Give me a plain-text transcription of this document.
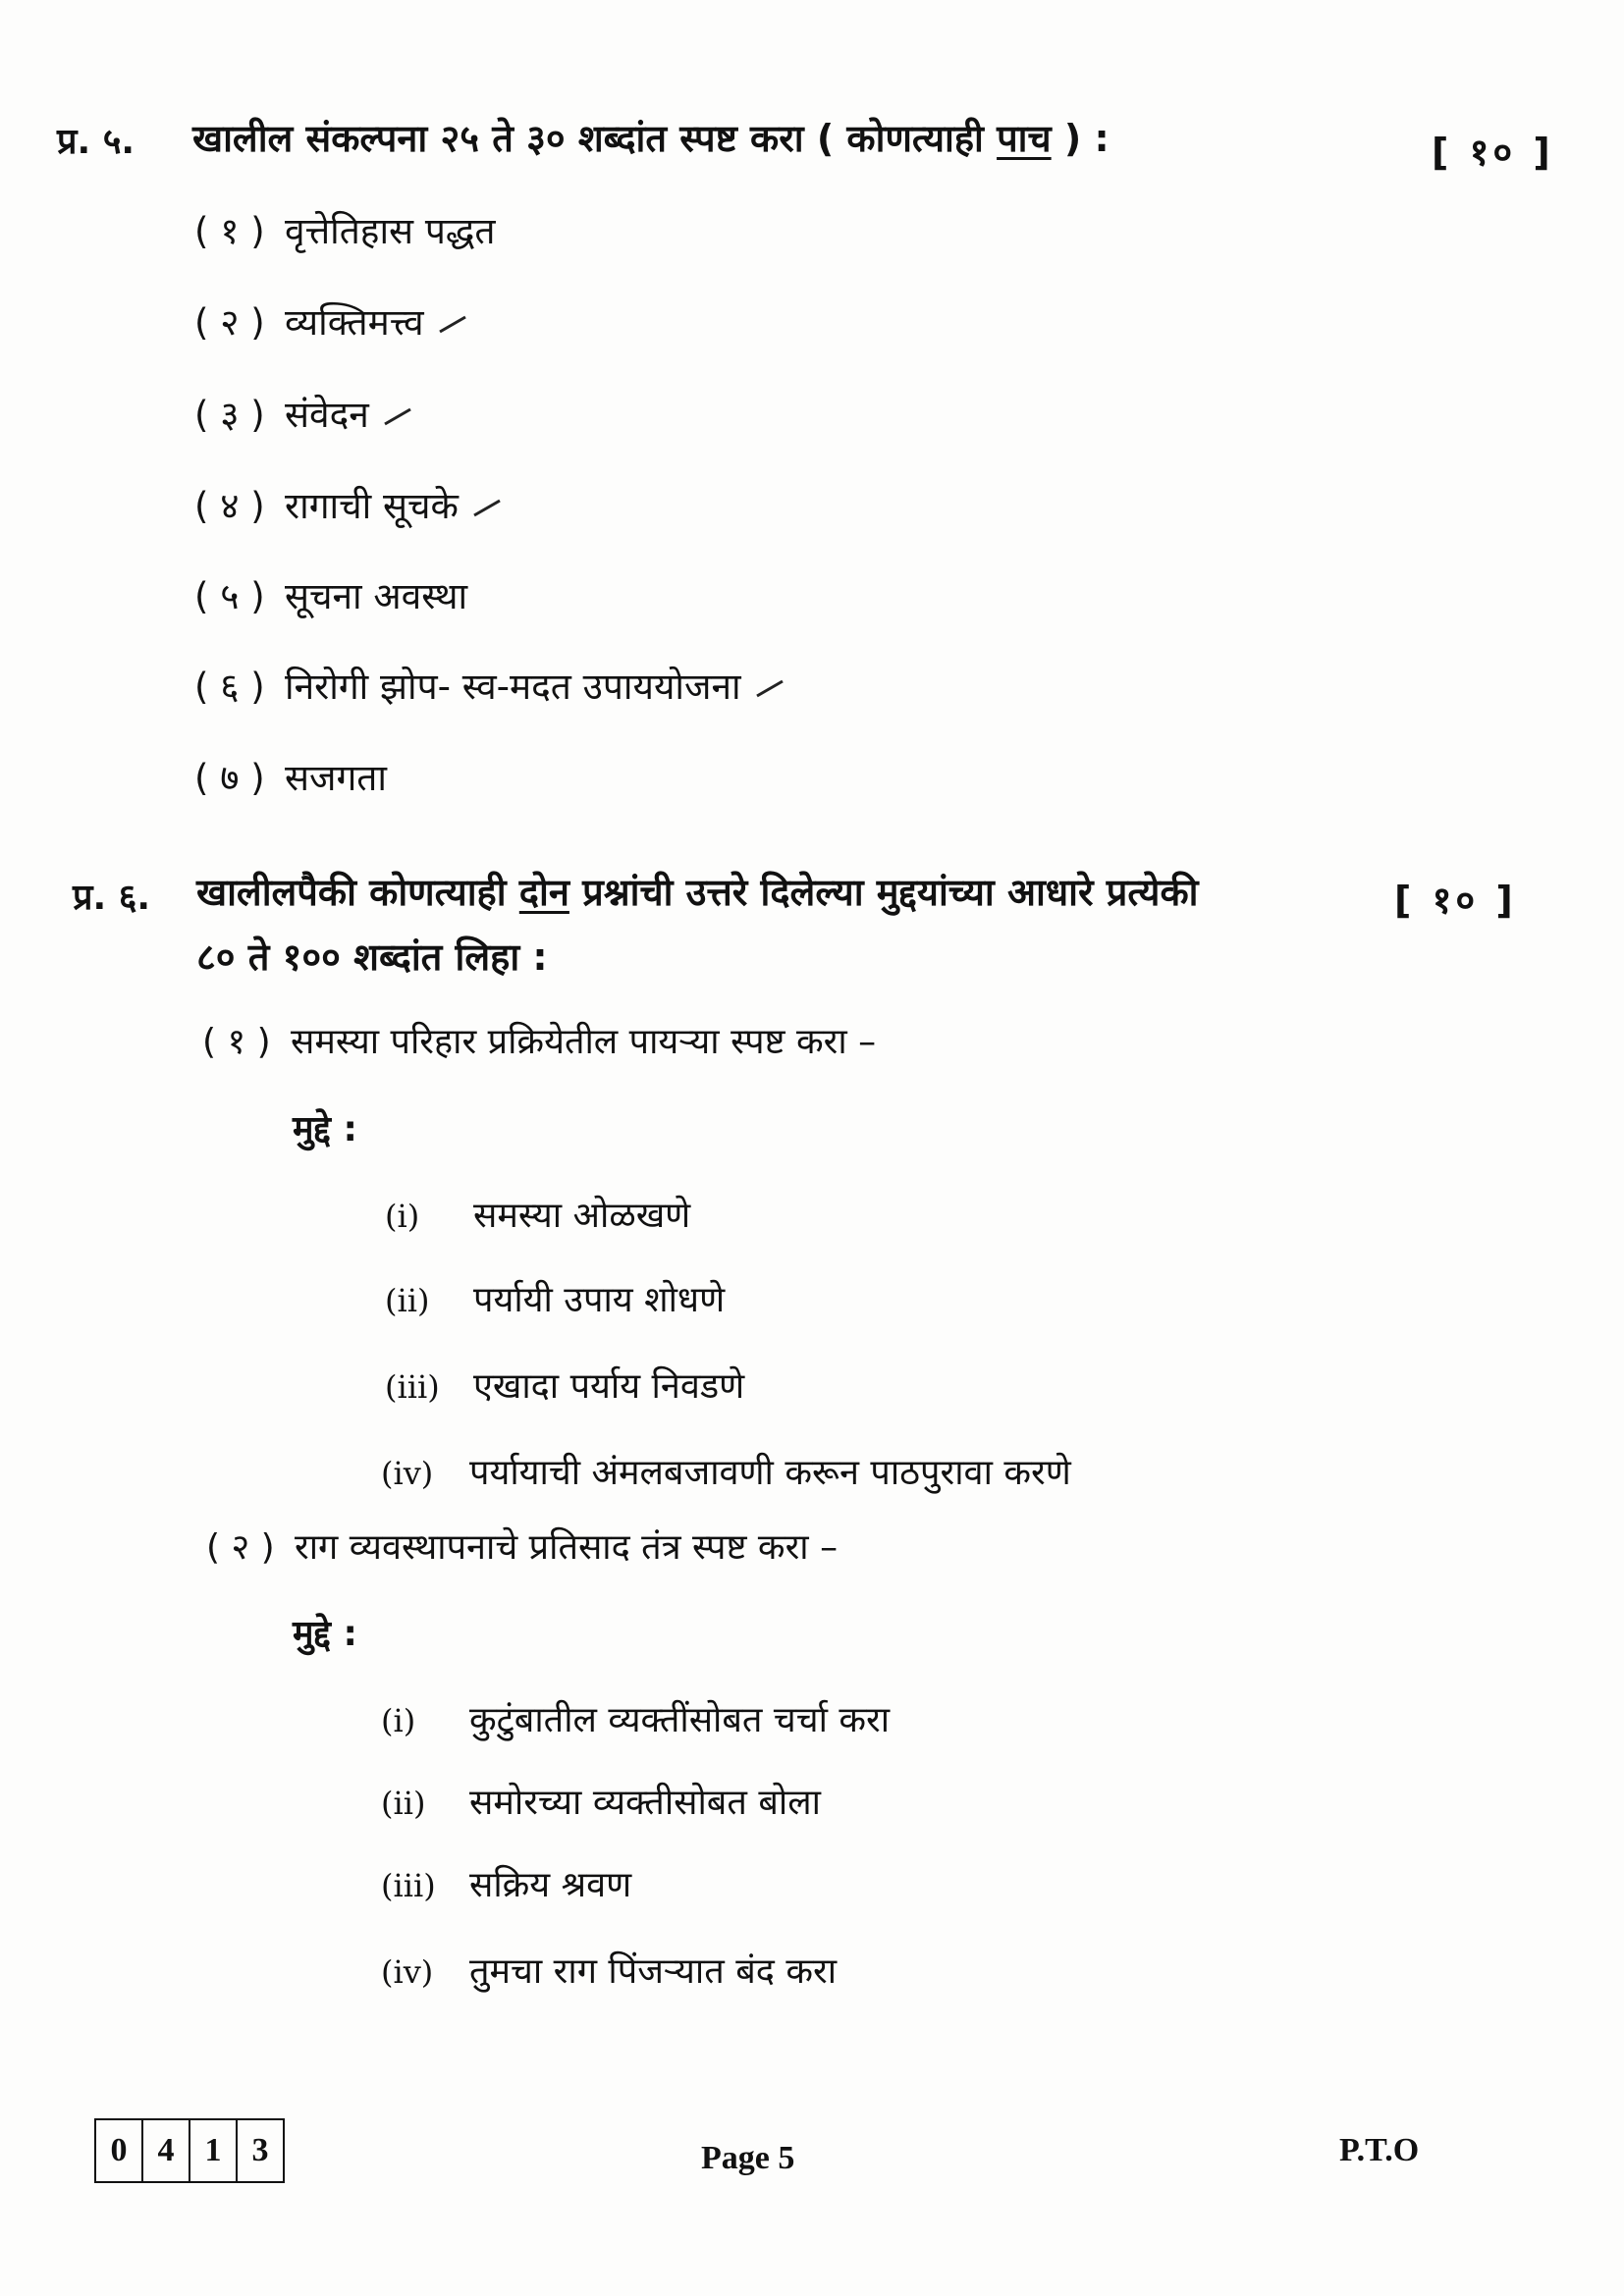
प्र. ५. खालील संकल्पना २५ ते ३० शब्दांत स्पष्ट करा ( कोणत्याही पाच ) :	[ १० ]
( १ ) वृत्तेतिहास पद्धत
( २ ) व्यक्तिमत्त्व
( ३ ) संवेदन
( ४ ) रागाची सूचके
( ५ ) सूचना अवस्था
( ६ ) निरोगी झोप- स्व-मदत उपाययोजना
( ७ ) सजगता
प्र. ६. खालीलपैकी कोणत्याही दोन प्रश्नांची उत्तरे दिलेल्या मुद्दयांच्या आधारे प्रत्येकी
८० ते १०० शब्दांत लिहा :
[ १० ]
( १ ) समस्या परिहार प्रक्रियेतील पायऱ्या स्पष्ट करा –
मुद्दे :
(i) समस्या ओळखणे
(ii) पर्यायी उपाय शोधणे
(iii) एखादा पर्याय निवडणे
(iv) पर्यायाची अंमलबजावणी करून पाठपुरावा करणे
( २ ) राग व्यवस्थापनाचे प्रतिसाद तंत्र स्पष्ट करा –
मुद्दे :
(i) कुटुंबातील व्यक्तींसोबत चर्चा करा
(ii) समोरच्या व्यक्तीसोबत बोला
(iii) सक्रिय श्रवण
(iv) तुमचा राग पिंजऱ्यात बंद करा
0 4 1 3	Page 5	P.T.O
